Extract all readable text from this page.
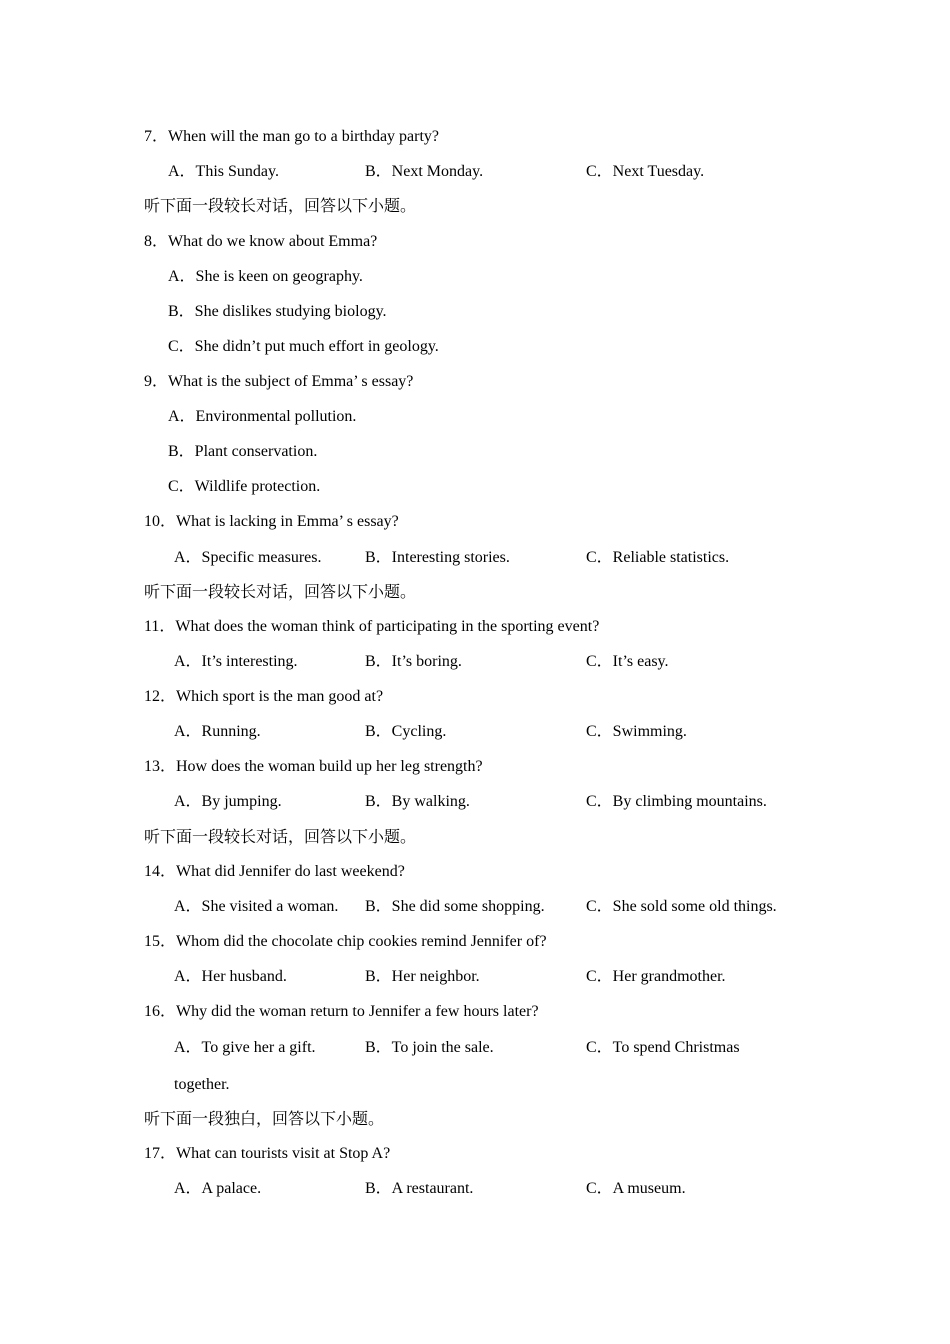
7．When will the man go to a birthday party?
A．This Sunday.	B．Next Monday.	C．Next Tuesday.
听下面一段较长对话，回答以下小题。
8．What do we know about Emma?
A．She is keen on geography.
B．She dislikes studying biology.
C．She didn’t put much effort in geology.
9．What is the subject of Emma’ s essay?
A．Environmental pollution.
B．Plant conservation.
C．Wildlife protection.
10．What is lacking in Emma’ s essay?
A．Specific measures.	B．Interesting stories.	C．Reliable statistics.
听下面一段较长对话，回答以下小题。
11．What does the woman think of participating in the sporting event?
A．It’s interesting.	B．It’s boring.	C．It’s easy.
12．Which sport is the man good at?
A．Running.	B．Cycling.	C．Swimming.
13．How does the woman build up her leg strength?
A．By jumping.	B．By walking.	C．By climbing mountains.
听下面一段较长对话，回答以下小题。
14．What did Jennifer do last weekend?
A．She visited a woman. B．She did some shopping.	C．She sold some old things.
15．Whom did the chocolate chip cookies remind Jennifer of?
A．Her husband.	B．Her neighbor.	C．Her grandmother.
16．Why did the woman return to Jennifer a few hours later?
A．To give her a gift.	B．To join the sale.	C．To spend Christmas
together.
听下面一段独白，回答以下小题。
17．What can tourists visit at Stop A?
A．A palace.	B．A restaurant.	C．A museum.
